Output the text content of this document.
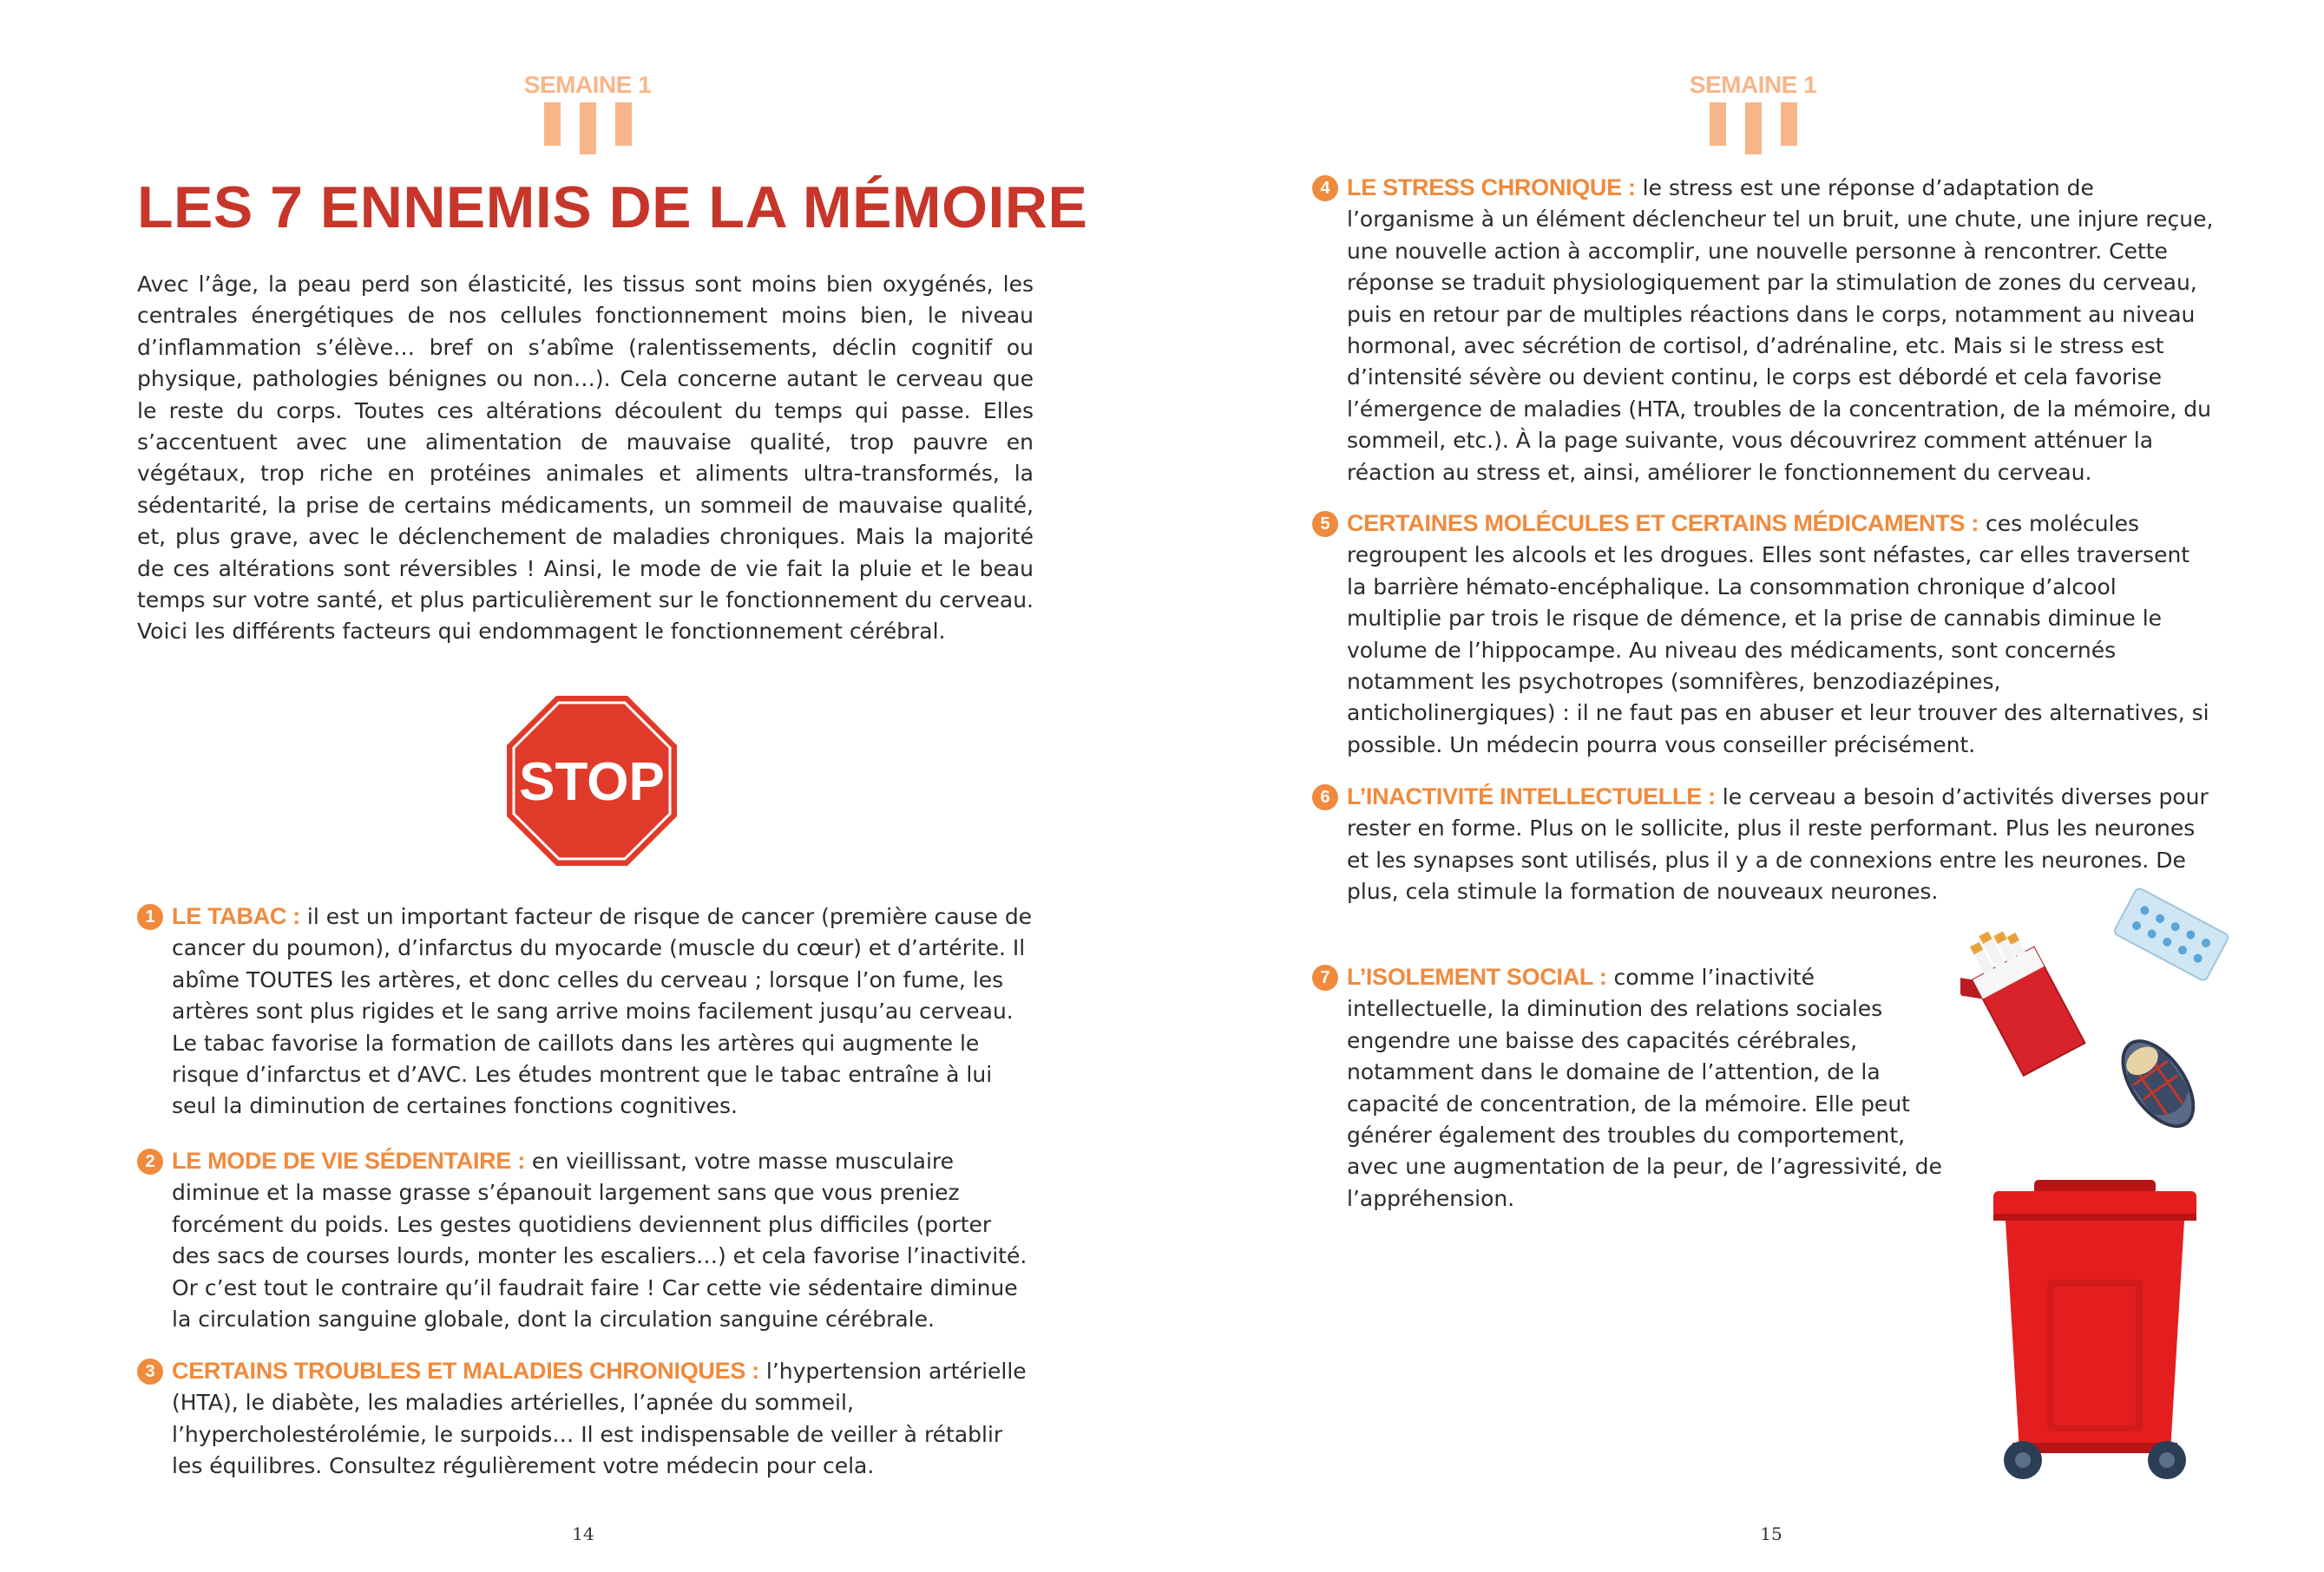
SEMAINE 1
LES 7 ENNEMIS DE LA MÉMOIRE

Avec l’âge, la peau perd son élasticité, les tissus sont moins bien oxygénés, les centrales énergétiques de nos cellules fonctionnement moins bien, le niveau d’inflammation s’élève… bref on s’abîme (ralentissements, déclin cognitif ou physique, pathologies bénignes ou non…). Cela concerne autant le cerveau que le reste du corps. Toutes ces altérations découlent du temps qui passe. Elles s’accentuent avec une alimentation de mauvaise qualité, trop pauvre en végétaux, trop riche en protéines animales et aliments ultra-transformés, la sédentarité, la prise de certains médicaments, un sommeil de mauvaise qualité, et, plus grave, avec le déclenchement de maladies chroniques. Mais la majorité de ces altérations sont réversibles ! Ainsi, le mode de vie fait la pluie et le beau temps sur votre santé, et plus particulièrement sur le fonctionnement du cerveau. Voici les différents facteurs qui endommagent le fonctionnement cérébral.

STOP

1 LE TABAC : il est un important facteur de risque de cancer (première cause de cancer du poumon), d’infarctus du myocarde (muscle du cœur) et d’artérite. Il abîme TOUTES les artères, et donc celles du cerveau ; lorsque l’on fume, les artères sont plus rigides et le sang arrive moins facilement jusqu’au cerveau. Le tabac favorise la formation de caillots dans les artères qui augmente le risque d’infarctus et d’AVC. Les études montrent que le tabac entraîne à lui seul la diminution de certaines fonctions cognitives.

2 LE MODE DE VIE SÉDENTAIRE : en vieillissant, votre masse musculaire diminue et la masse grasse s’épanouit largement sans que vous preniez forcément du poids. Les gestes quotidiens deviennent plus difficiles (porter des sacs de courses lourds, monter les escaliers…) et cela favorise l’inactivité. Or c’est tout le contraire qu’il faudrait faire ! Car cette vie sédentaire diminue la circulation sanguine globale, dont la circulation sanguine cérébrale.

3 CERTAINS TROUBLES ET MALADIES CHRONIQUES : l’hypertension artérielle (HTA), le diabète, les maladies artérielles, l’apnée du sommeil, l’hypercholestérolémie, le surpoids… Il est indispensable de veiller à rétablir les équilibres. Consultez régulièrement votre médecin pour cela.

14
SEMAINE 1

4 LE STRESS CHRONIQUE : le stress est une réponse d’adaptation de l’organisme à un élément déclencheur tel un bruit, une chute, une injure reçue, une nouvelle action à accomplir, une nouvelle personne à rencontrer. Cette réponse se traduit physiologiquement par la stimulation de zones du cerveau, puis en retour par de multiples réactions dans le corps, notamment au niveau hormonal, avec sécrétion de cortisol, d’adrénaline, etc. Mais si le stress est d’intensité sévère ou devient continu, le corps est débordé et cela favorise l’émergence de maladies (HTA, troubles de la concentration, de la mémoire, du sommeil, etc.). À la page suivante, vous découvrirez comment atténuer la réaction au stress et, ainsi, améliorer le fonctionnement du cerveau.

5 CERTAINES MOLÉCULES ET CERTAINS MÉDICAMENTS : ces molécules regroupent les alcools et les drogues. Elles sont néfastes, car elles traversent la barrière hémato-encéphalique. La consommation chronique d’alcool multiplie par trois le risque de démence, et la prise de cannabis diminue le volume de l’hippocampe. Au niveau des médicaments, sont concernés notamment les psychotropes (somnifères, benzodiazépines, anticholinergiques) : il ne faut pas en abuser et leur trouver des alternatives, si possible. Un médecin pourra vous conseiller précisément.

6 L’INACTIVITÉ INTELLECTUELLE : le cerveau a besoin d’activités diverses pour rester en forme. Plus on le sollicite, plus il reste performant. Plus les neurones et les synapses sont utilisés, plus il y a de connexions entre les neurones. De plus, cela stimule la formation de nouveaux neurones.

7 L’ISOLEMENT SOCIAL : comme l’inactivité intellectuelle, la diminution des relations sociales engendre une baisse des capacités cérébrales, notamment dans le domaine de l’attention, de la capacité de concentration, de la mémoire. Elle peut générer également des troubles du comportement, avec une augmentation de la peur, de l’agressivité, de l’appréhension.

15
